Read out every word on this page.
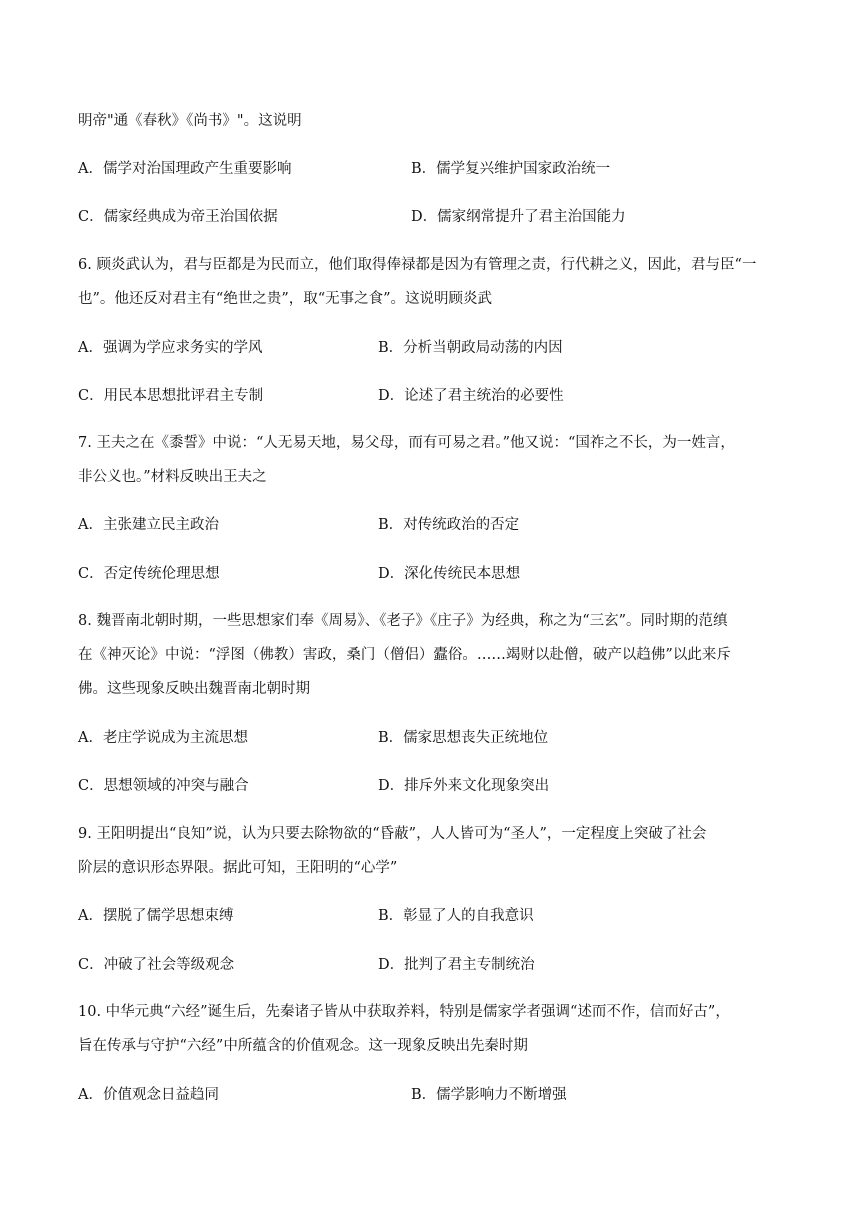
明帝"通《春秋》《尚书》"。这说明
A．儒学对治国理政产生重要影响	B．儒学复兴维护国家政治统一
C．儒家经典成为帝王治国依据	D．儒家纲常提升了君主治国能力
6. 顾炎武认为，君与臣都是为民而立，他们取得俸禄都是因为有管理之责，行代耕之义，因此，君与臣“一
也”。他还反对君主有“绝世之贵”，取“无事之食”。这说明顾炎武
A．强调为学应求务实的学风	B．分析当朝政局动荡的内因
C．用民本思想批评君主专制	D．论述了君主统治的必要性
7. 王夫之在《黍誓》中说：“人无易天地，易父母，而有可易之君。”他又说：“国祚之不长，为一姓言，
非公义也。”材料反映出王夫之
A．主张建立民主政治	B．对传统政治的否定
C．否定传统伦理思想	D．深化传统民本思想
8. 魏晋南北朝时期，一些思想家们奉《周易》、《老子》《庄子》为经典，称之为“三玄”。同时期的范缜
在《神灭论》中说：“浮图（佛教）害政，桑门（僧侣）蠹俗。……竭财以赴僧，破产以趋佛”以此来斥
佛。这些现象反映出魏晋南北朝时期
A．老庄学说成为主流思想	B．儒家思想丧失正统地位
C．思想领域的冲突与融合	D．排斥外来文化现象突出
9. 王阳明提出“良知”说，认为只要去除物欲的“昏蔽”，人人皆可为“圣人”，一定程度上突破了社会
阶层的意识形态界限。据此可知，王阳明的“心学”
A．摆脱了儒学思想束缚	B．彰显了人的自我意识
C．冲破了社会等级观念	D．批判了君主专制统治
10. 中华元典“六经”诞生后，先秦诸子皆从中获取养料，特别是儒家学者强调“述而不作，信而好古”，
旨在传承与守护“六经”中所蕴含的价值观念。这一现象反映出先秦时期
A．价值观念日益趋同	B．儒学影响力不断增强
